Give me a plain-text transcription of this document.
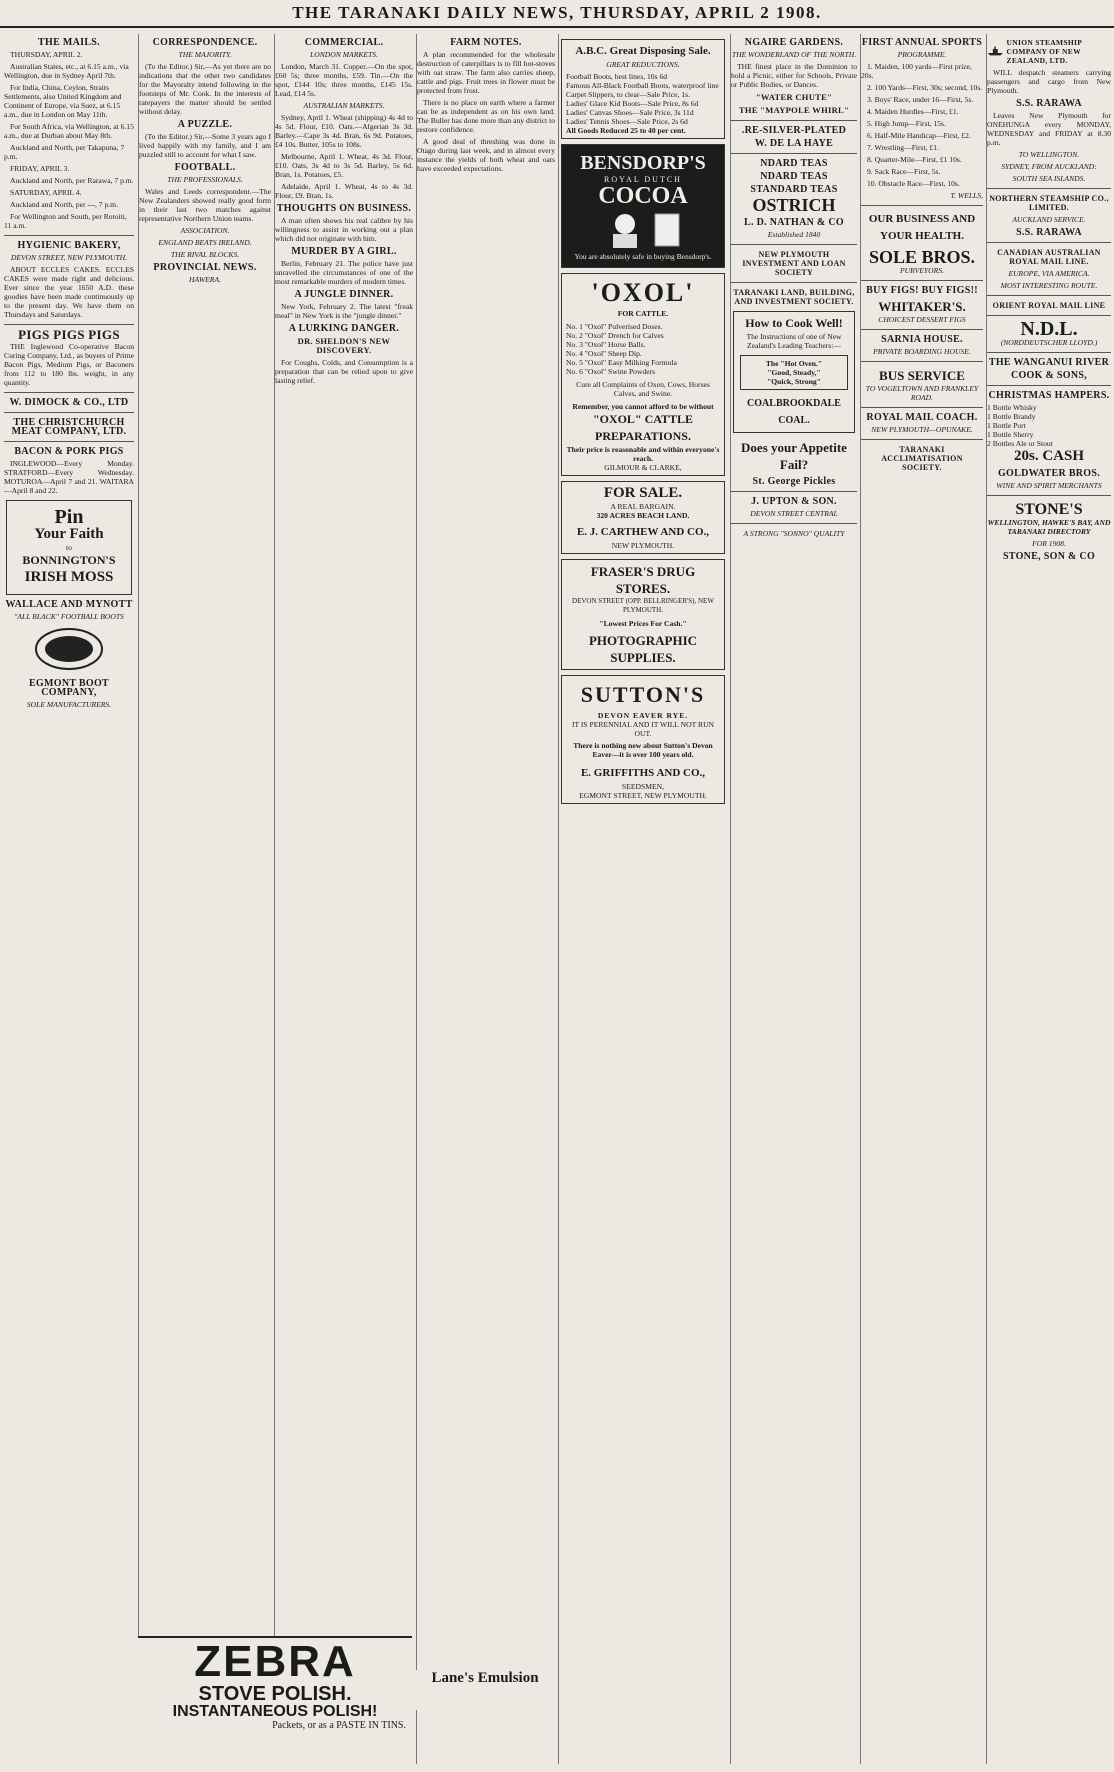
THE TARANAKI DAILY NEWS, THURSDAY, APRIL 2 1908.
THE MAILS.

THURSDAY, APRIL 2.

Australian States, etc., at 6.15 a.m., via Wellington, due in Sydney April 7th.

For India, China, Ceylon, Straits Settlements, also United Kingdom and Continent of Europe, via Suez, at 6.15 a.m., due in London on May 11th.

For South Africa, via Wellington, at 6.15 a.m., due at Durban about May 8th.

Auckland and North, per Takapuna, 7 p.m.

FRIDAY, APRIL 3.

Auckland and North, per Rarawa, 7 p.m.

SATURDAY, APRIL 4.

Auckland and North, per ---, 7 p.m.

For Wellington and South, per Rotoiti, 11 a.m.

HYGIENIC BAKERY,
DEVON STREET, NEW PLYMOUTH.

ABOUT ECCLES CAKES. ECCLES CAKES were made right and delicious. Ever since the year 1650 A.D. these goodies have been made continuously up to the present day. We have them on Thursdays and Saturdays.

PIGS PIGS PIGS

THE Inglewood Co-operative Bacon Curing Company, Ltd., as buyers of Prime Bacon Pigs, Medium Pigs, or Baconers from 112 to 180 lbs. weight, in any quantity.

W. DIMOCK & CO., LTD
THE CHRISTCHURCH MEAT COMPANY, LTD.
BACON & PORK PIGS

INGLEWOOD—Every Monday. STRATFORD—Every Wednesday. MOTUROA—April 7 and 21. WAITARA—April 8 and 22.

Pin
Your Faith
to
BONNINGTON'S
IRISH MOSS
WALLACE AND MYNOTT
"ALL BLACK" FOOTBALL BOOTS
EGMONT BOOT COMPANY,
SOLE MANUFACTURERS.
CORRESPONDENCE.
THE MAJORITY.

(To the Editor.) Sir,—As yet there are no indications that the other two candidates for the Mayoralty intend following in the footsteps of Mr. Cook. In the interests of ratepayers the matter should be settled without delay.

A PUZZLE.

(To the Editor.) Sir,—Some 3 years ago I lived happily with my family, and I am puzzled still to account for what I saw.

FOOTBALL.
THE PROFESSIONALS.

Wales and Leeds correspondent.—The New Zealanders showed really good form in their last two matches against representative Northern Union teams.

ASSOCIATION.
ENGLAND BEATS IRELAND.
THE RIVAL BLOCKS.
PROVINCIAL NEWS.
HAWERA.
COMMERCIAL.
LONDON MARKETS.

London, March 31. Copper.—On the spot, £60 5s; three months, £59. Tin.—On the spot, £144 10s; three months, £145 15s. Lead, £14 5s.

AUSTRALIAN MARKETS.

Sydney, April 1. Wheat (shipping) 4s 4d to 4s 5d. Flour, £10. Oats.—Algerian 3s 3d. Barley.—Cape 3s 4d. Bran, 6s 9d. Potatoes, £4 10s. Butter, 105s to 108s.

Melbourne, April 1. Wheat, 4s 3d. Flour, £10. Oats, 3s 4d to 3s 5d. Barley, 5s 6d. Bran, 1s. Potatoes, £5.

Adelaide, April 1. Wheat, 4s to 4s 3d. Flour, £9. Bran, 1s.

THOUGHTS ON BUSINESS.

A man often shows his real calibre by his willingness to assist in working out a plan which did not originate with him.

MURDER BY A GIRL.

Berlin, February 21. The police have just unravelled the circumstances of one of the most remarkable murders of modern times.

A JUNGLE DINNER.

New York, February 2. The latest "freak meal" in New York is the "jungle dinner."

A LURKING DANGER.
DR. SHELDON'S NEW DISCOVERY.

For Coughs, Colds, and Consumption is a preparation that can be relied upon to give lasting relief.

FARM NOTES.

A plan recommended for the wholesale destruction of caterpillars is to fill hot-stoves with oat straw. The farm also carries sheep, cattle and pigs. Fruit trees in flower must be protected from frost.

There is no place on earth where a farmer can be as independent as on his own land. The Buller has done more than any district to restore confidence.

A good deal of threshing was done in Otago during last week, and in almost every instance the yields of both wheat and oats have exceeded expectations.

A.B.C. Great Disposing Sale.
GREAT REDUCTIONS.
Football Boots, best lines, 10s 6d
Famous All-Black Football Boots, waterproof line
Carpet Slippers, to clear—Sale Price, 1s.
Ladies' Glace Kid Boots—Sale Price, 8s 6d
Ladies' Canvas Shoes—Sale Price, 3s 11d
Ladies' Tennis Shoes—Sale Price, 2s 6d
All Goods Reduced 25 to 40 per cent.
BENSDORP'S
ROYAL DUTCH
COCOA
You are absolutely safe in buying Bensdorp's.
'OXOL'
FOR CATTLE.
No. 1 "Oxol" Pulverised Doses.
No. 2 "Oxol" Drench for Calves
No. 3 "Oxol" Horse Balls.
No. 4 "Oxol" Sheep Dip.
No. 5 "Oxol" Easy Milking Formula
No. 6 "Oxol" Swine Powders
Cure all Complaints of Oxen, Cows, Horses Calves, and Swine.
Remember, you cannot afford to be without
"OXOL" CATTLE PREPARATIONS.
Their price is reasonable and within everyone's reach.
GILMOUR & CLARKE,
FOR SALE.
A REAL BARGAIN.
320 ACRES BEACH LAND.
E. J. CARTHEW AND CO.,
NEW PLYMOUTH.
FRASER'S DRUG STORES.
DEVON STREET (OPP. BELLRINGER'S), NEW PLYMOUTH.
"Lowest Prices For Cash."
PHOTOGRAPHIC SUPPLIES.
SUTTON'S
DEVON EAVER RYE.
IT IS PERENNIAL AND IT WILL NOT RUN OUT.
There is nothing new about Sutton's Devon Eaver—it is over 100 years old.
E. GRIFFITHS AND CO.,
SEEDSMEN,
EGMONT STREET, NEW PLYMOUTH.
NGAIRE GARDENS.
THE WONDERLAND OF THE NORTH.

THE finest place in the Dominion to hold a Picnic, either for Schools, Private or Public Bodies, or Dances.

"WATER CHUTE"
THE "MAYPOLE WHIRL"
.RE-SILVER-PLATED
W. DE LA HAYE
NDARD TEAS
NDARD TEAS
STANDARD TEAS
OSTRICH
L. D. NATHAN & CO
Established 1840
NEW PLYMOUTH INVESTMENT AND LOAN SOCIETY
TARANAKI LAND, BUILDING, AND INVESTMENT SOCIETY.
How to Cook Well!
The Instructions of one of New Zealand's Leading Teachers:—
The "Hot Oven."
"Good, Steady,"
"Quick, Strong"
COALBROOKDALE COAL.
Does your Appetite Fail?
St. George Pickles
J. UPTON & SON.
DEVON STREET CENTRAL
A STRONG "SONNO" QUALITY
FIRST ANNUAL SPORTS
PROGRAMME.

1. Maiden, 100 yards—First prize, 20s.

2. 100 Yards—First, 30s; second, 10s.

3. Boys' Race, under 16—First, 5s.

4. Maiden Hurdles—First, £1.

5. High Jump—First, 15s.

6. Half-Mile Handicap—First, £2.

7. Wrestling—First, £1.

8. Quarter-Mile—First, £1 10s.

9. Sack Race—First, 5s.

10. Obstacle Race—First, 10s.

T. WELLS,
OUR BUSINESS AND YOUR HEALTH.
SOLE BROS.
PURVEYORS.
BUY FIGS! BUY FIGS!!
WHITAKER'S.
CHOICEST DESSERT FIGS
SARNIA HOUSE.
PRIVATE BOARDING HOUSE.
BUS SERVICE
TO VOGELTOWN AND FRANKLEY ROAD.
ROYAL MAIL COACH.
NEW PLYMOUTH—OPUNAKE.
TARANAKI ACCLIMATISATION SOCIETY.
UNION STEAMSHIP COMPANY OF NEW ZEALAND, LTD.

WILL despatch steamers carrying passengers and cargo from New Plymouth.

S.S. RARAWA

Leaves New Plymouth for ONEHUNGA every MONDAY, WEDNESDAY and FRIDAY at 8.30 p.m.

TO WELLINGTON.
SYDNEY, FROM AUCKLAND:
SOUTH SEA ISLANDS.
NORTHERN STEAMSHIP CO., LIMITED.
AUCKLAND SERVICE.
S.S. RARAWA
CANADIAN AUSTRALIAN ROYAL MAIL LINE.
EUROPE, VIA AMERICA.
MOST INTERESTING ROUTE.
ORIENT ROYAL MAIL LINE
N.D.L.
(NORDDEUTSCHER LLOYD.)
THE WANGANUI RIVER
COOK & SONS,
CHRISTMAS HAMPERS.
1 Bottle Whisky
1 Bottle Brandy
1 Bottle Port
1 Bottle Sherry
2 Bottles Ale or Stout
20s. CASH
GOLDWATER BROS.
WINE AND SPIRIT MERCHANTS
STONE'S
WELLINGTON, HAWKE'S BAY, AND TARANAKI DIRECTORY
FOR 1908.
STONE, SON & CO
ZEBRA
STOVE POLISH.
INSTANTANEOUS POLISH!
Packets, or as a PASTE IN TINS.
Lane's Emulsion
